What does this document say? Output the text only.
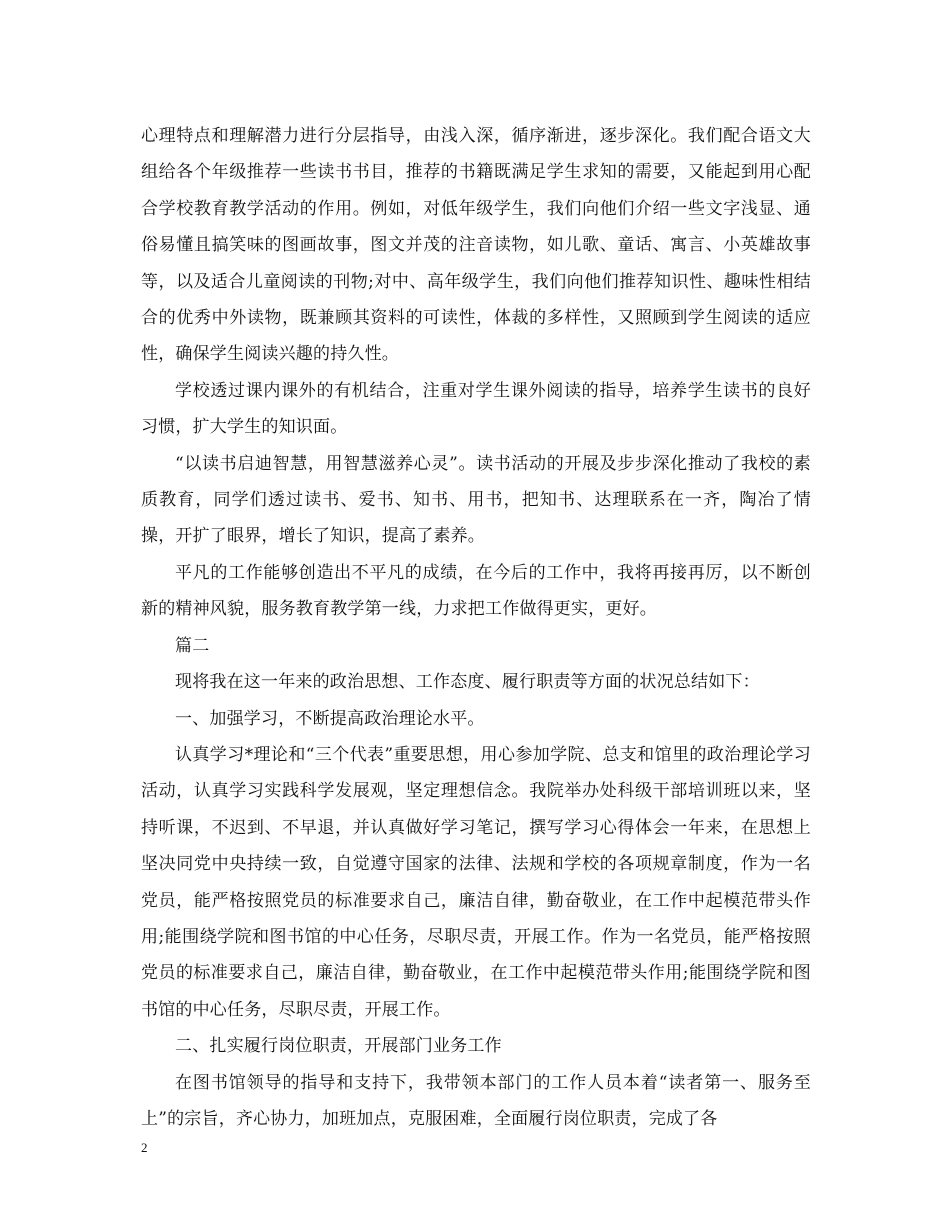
心理特点和理解潜力进行分层指导，由浅入深，循序渐进，逐步深化。我们配合语文大组给各个年级推荐一些读书书目，推荐的书籍既满足学生求知的需要，又能起到用心配合学校教育教学活动的作用。例如，对低年级学生，我们向他们介绍一些文字浅显、通俗易懂且搞笑味的图画故事，图文并茂的注音读物，如儿歌、童话、寓言、小英雄故事等，以及适合儿童阅读的刊物;对中、高年级学生，我们向他们推荐知识性、趣味性相结合的优秀中外读物，既兼顾其资料的可读性，体裁的多样性，又照顾到学生阅读的适应性，确保学生阅读兴趣的持久性。

学校透过课内课外的有机结合，注重对学生课外阅读的指导，培养学生读书的良好习惯，扩大学生的知识面。

“以读书启迪智慧，用智慧滋养心灵”。读书活动的开展及步步深化推动了我校的素质教育，同学们透过读书、爱书、知书、用书，把知书、达理联系在一齐，陶冶了情操，开扩了眼界，增长了知识，提高了素养。

平凡的工作能够创造出不平凡的成绩，在今后的工作中，我将再接再厉，以不断创新的精神风貌，服务教育教学第一线，力求把工作做得更实，更好。

篇二

现将我在这一年来的政治思想、工作态度、履行职责等方面的状况总结如下：

一、加强学习，不断提高政治理论水平。

认真学习*理论和“三个代表”重要思想，用心参加学院、总支和馆里的政治理论学习活动，认真学习实践科学发展观，坚定理想信念。我院举办处科级干部培训班以来，坚持听课，不迟到、不早退，并认真做好学习笔记，撰写学习心得体会一年来，在思想上坚决同党中央持续一致，自觉遵守国家的法律、法规和学校的各项规章制度，作为一名党员，能严格按照党员的标准要求自己，廉洁自律，勤奋敬业，在工作中起模范带头作用;能围绕学院和图书馆的中心任务，尽职尽责，开展工作。作为一名党员，能严格按照党员的标准要求自己，廉洁自律，勤奋敬业，在工作中起模范带头作用;能围绕学院和图书馆的中心任务，尽职尽责，开展工作。

二、扎实履行岗位职责，开展部门业务工作

在图书馆领导的指导和支持下，我带领本部门的工作人员本着“读者第一、服务至上”的宗旨，齐心协力，加班加点，克服困难，全面履行岗位职责，完成了各

2
